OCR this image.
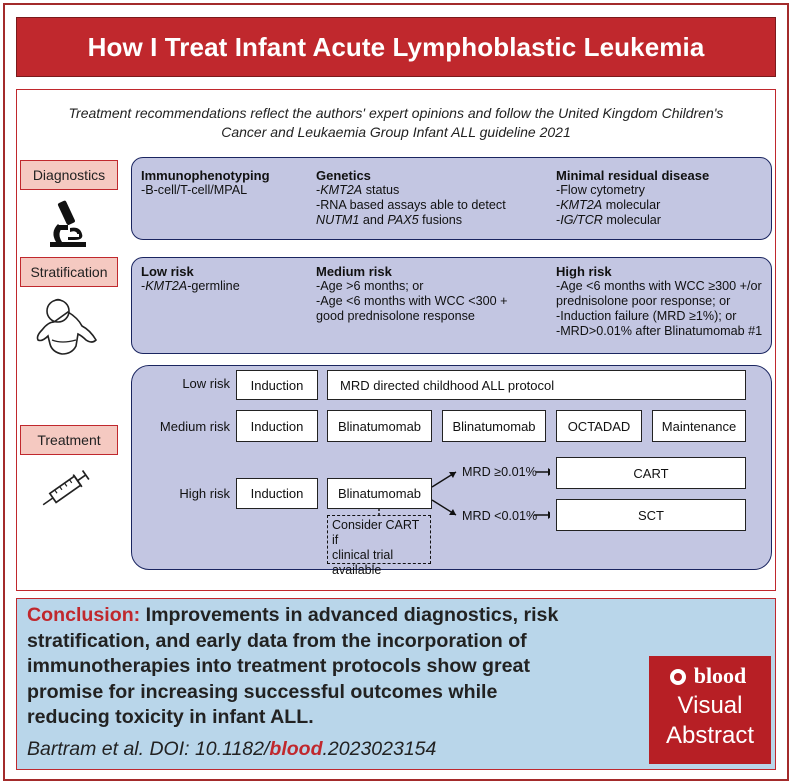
How I Treat Infant Acute Lymphoblastic Leukemia
Treatment recommendations reflect the authors' expert opinions and follow the United Kingdom Children's
Cancer and Leukaemia Group Infant ALL guideline 2021
Diagnostics
Stratification
Treatment
Immunophenotyping
-B-cell/T-cell/MPAL
Genetics
-KMT2A status
-RNA based assays able to detect
NUTM1 and PAX5 fusions
Minimal residual disease
-Flow cytometry
-KMT2A molecular
-IG/TCR molecular
Low risk
-KMT2A-germline
Medium risk
-Age >6 months; or
-Age <6 months with WCC <300 +
good prednisolone response
High risk
-Age <6 months with WCC ≥300 +/or
prednisolone poor response; or
-Induction failure (MRD ≥1%); or
-MRD>0.01% after Blinatumomab #1
Low risk Induction	MRD directed childhood ALL protocol
Medium risk Induction	Blinatumomab Blinatumomab OCTADAD Maintenance
High risk Induction	Blinatumomab
MRD ≥0.01%
MRD <0.01%
CART
SCT
Consider CART if
clinical trial
available
Conclusion: Improvements in advanced diagnostics, risk
stratification, and early data from the incorporation of
immunotherapies into treatment protocols show great
promise for increasing successful outcomes while
reducing toxicity in infant ALL.
Bartram et al. DOI: 10.1182/blood.2023023154
blood
Visual
Abstract
